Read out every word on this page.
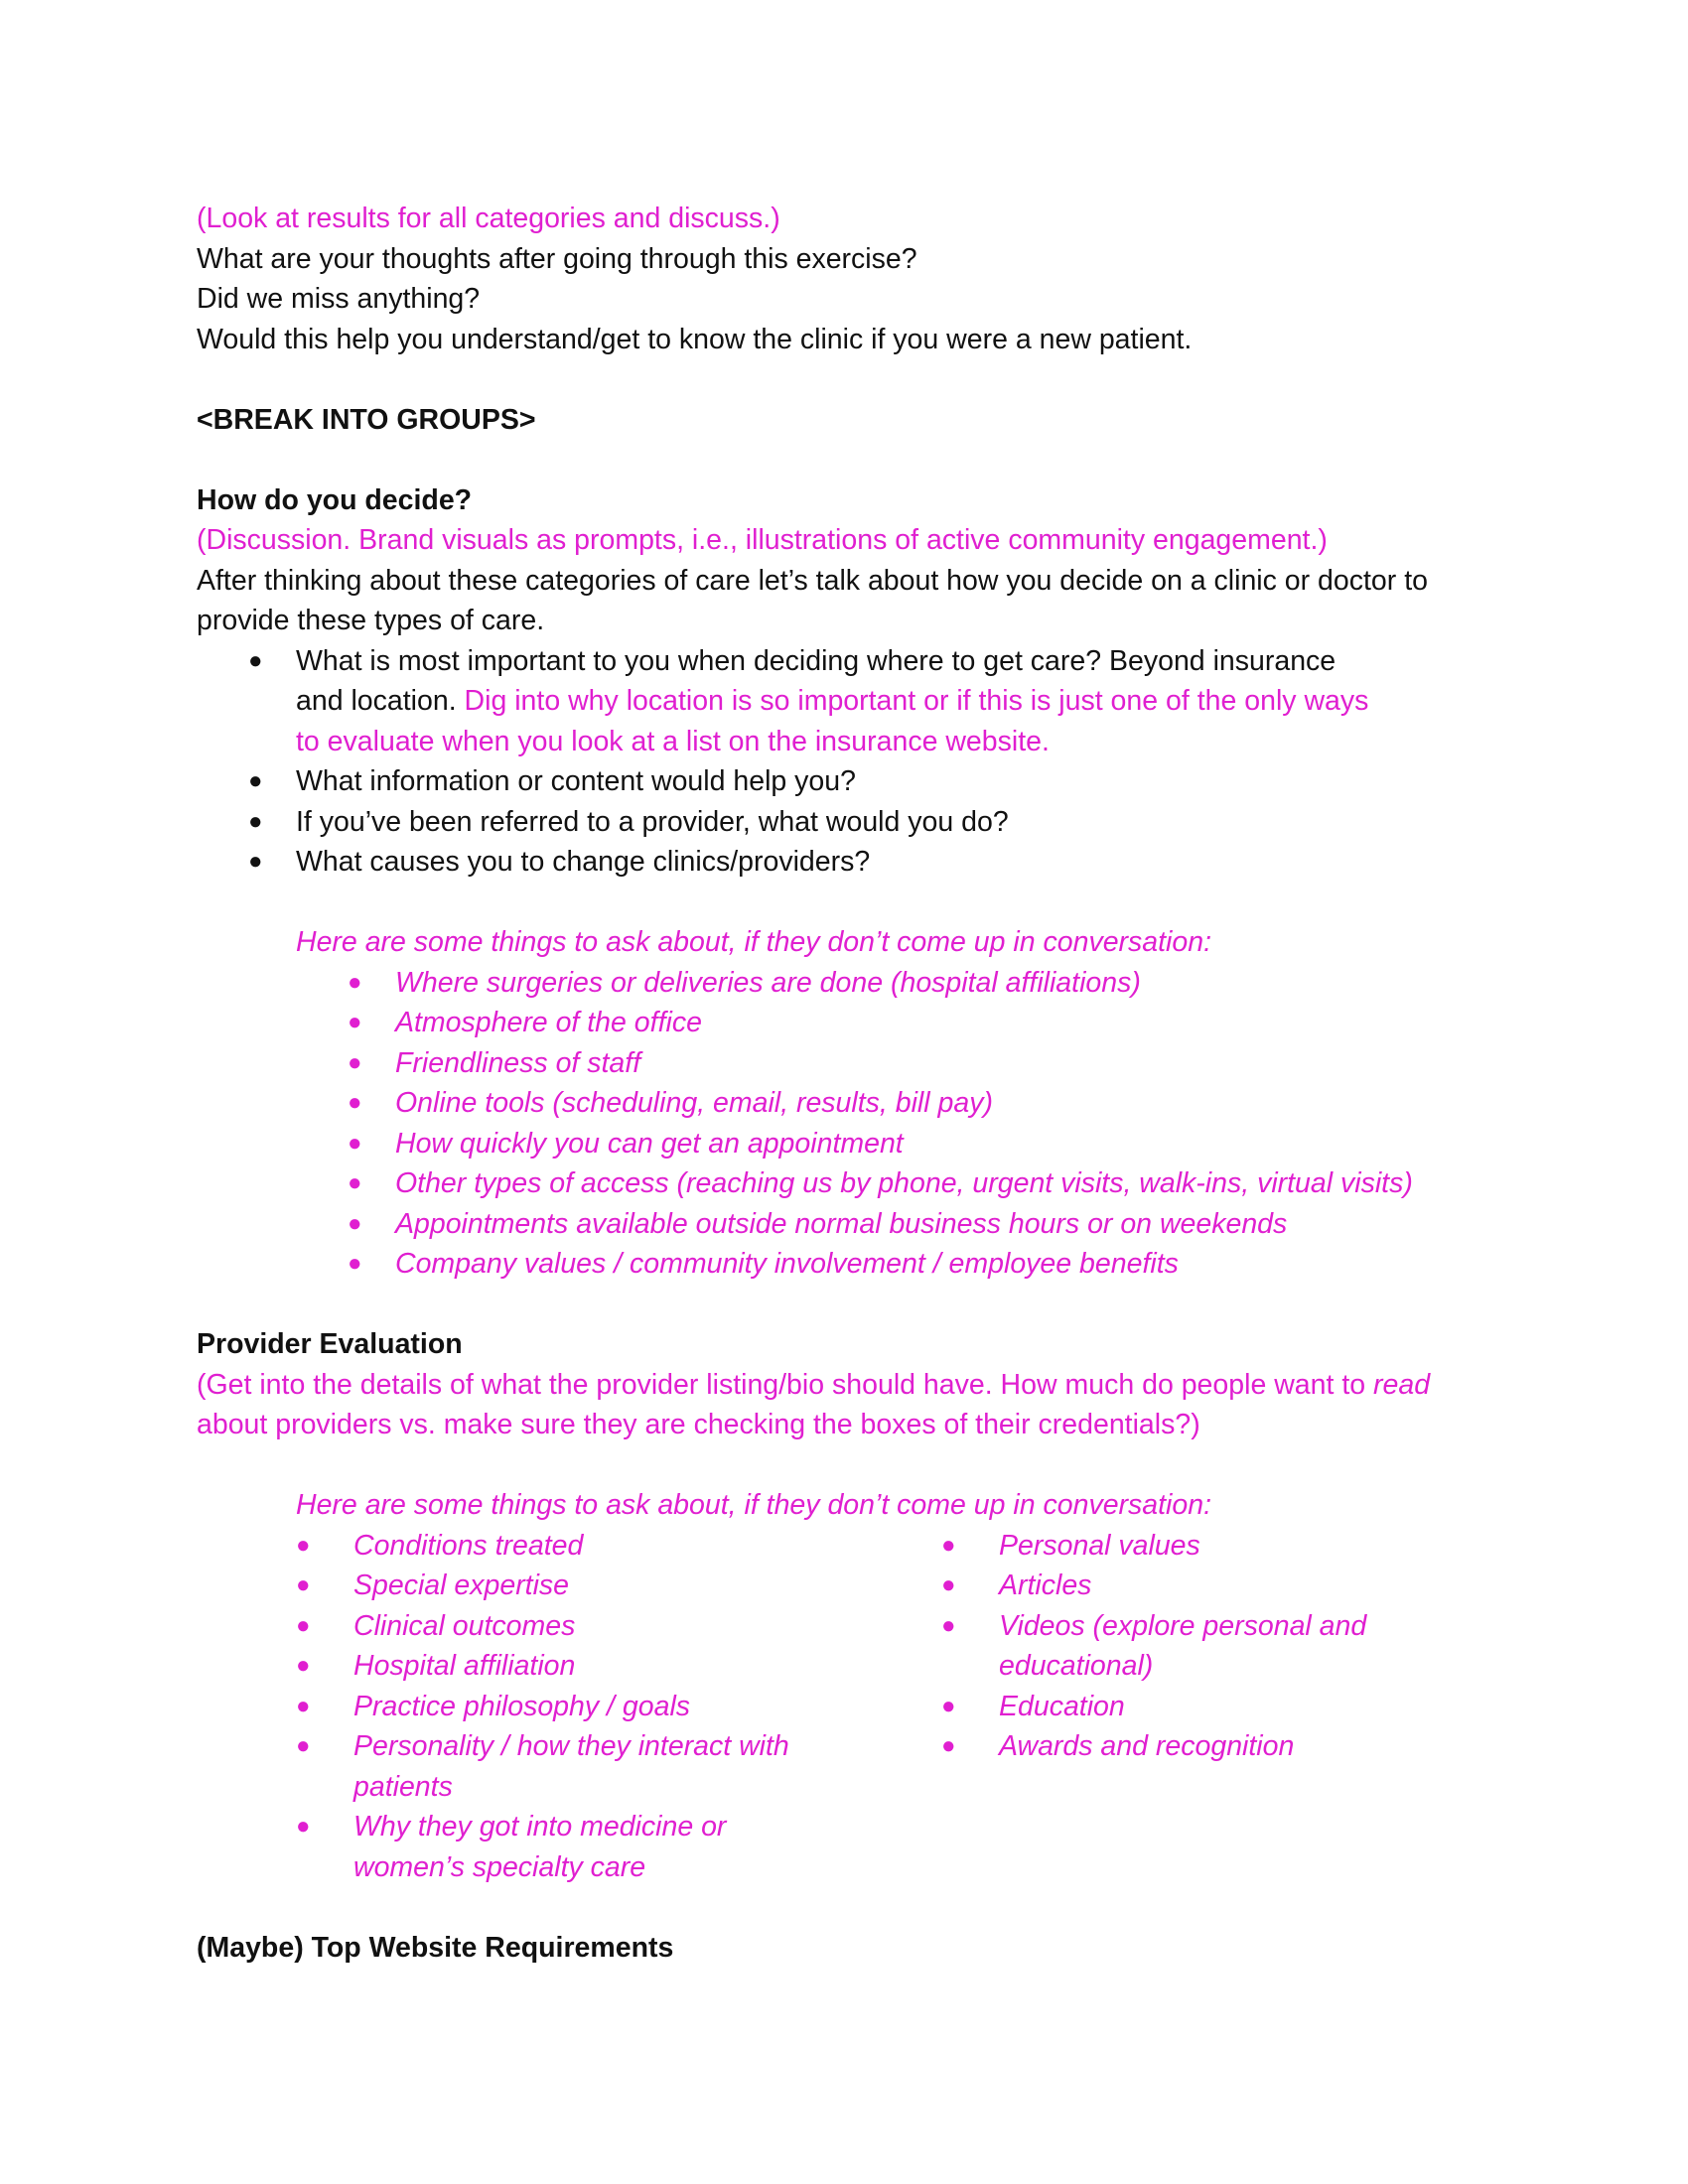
(Look at results for all categories and discuss.)
What are your thoughts after going through this exercise?
Did we miss anything?
Would this help you understand/get to know the clinic if you were a new patient.
<BREAK INTO GROUPS>
How do you decide?
(Discussion. Brand visuals as prompts, i.e., illustrations of active community engagement.)
After thinking about these categories of care let’s talk about how you decide on a clinic or doctor to provide these types of care.
● What is most important to you when deciding where to get care? Beyond insurance and location. Dig into why location is so important or if this is just one of the only ways to evaluate when you look at a list on the insurance website.
● What information or content would help you?
● If you’ve been referred to a provider, what would you do?
● What causes you to change clinics/providers?
Here are some things to ask about, if they don’t come up in conversation:
● Where surgeries or deliveries are done (hospital affiliations)
● Atmosphere of the office
● Friendliness of staff
● Online tools (scheduling, email, results, bill pay)
● How quickly you can get an appointment
● Other types of access (reaching us by phone, urgent visits, walk-ins, virtual visits)
● Appointments available outside normal business hours or on weekends
● Company values / community involvement / employee benefits
Provider Evaluation
(Get into the details of what the provider listing/bio should have. How much do people want to read about providers vs. make sure they are checking the boxes of their credentials?)
Here are some things to ask about, if they don’t come up in conversation:
● Conditions treated
● Special expertise
● Clinical outcomes
● Hospital affiliation
● Practice philosophy / goals
● Personality / how they interact with patients
● Why they got into medicine or women’s specialty care
● Personal values
● Articles
● Videos (explore personal and educational)
● Education
● Awards and recognition
(Maybe) Top Website Requirements
